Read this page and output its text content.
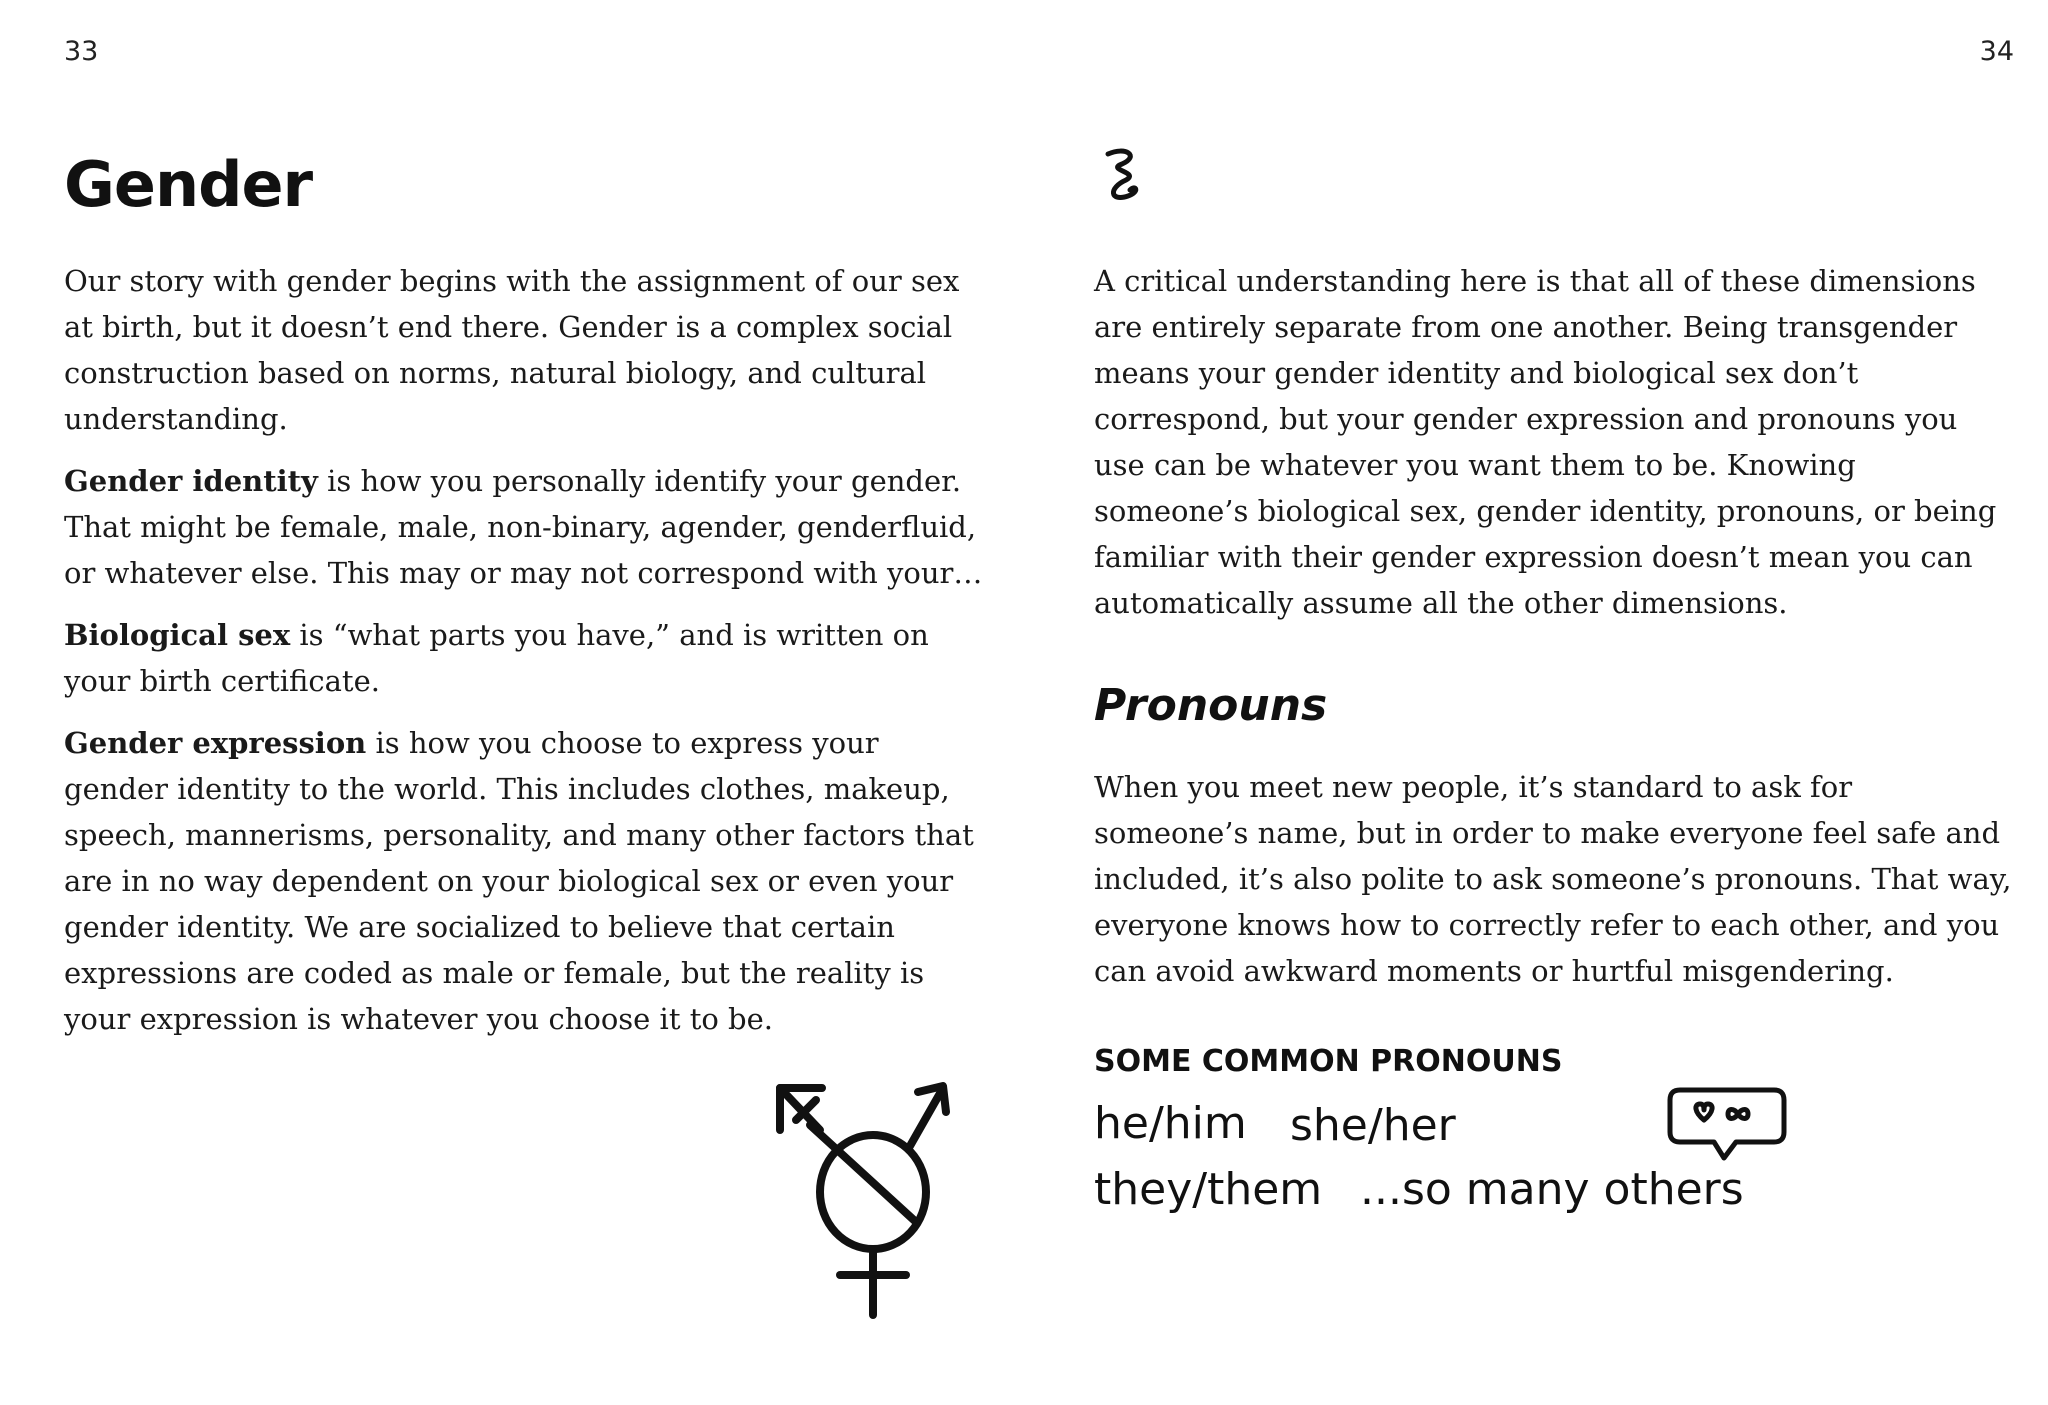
33	34
Gender

Our story with gender begins with the assignment of our sex at birth, but it doesn’t end there. Gender is a complex social construction based on norms, natural biology, and cultural understanding.

Gender identity is how you personally identify your gender. That might be female, male, non-binary, agender, genderfluid, or whatever else. This may or may not correspond with your…

Biological sex is “what parts you have,” and is written on your birth certificate.

Gender expression is how you choose to express your gender identity to the world. This includes clothes, makeup, speech, mannerisms, personality, and many other factors that are in no way dependent on your biological sex or even your gender identity. We are socialized to believe that certain expressions are coded as male or female, but the reality is your expression is whatever you choose it to be.

A critical understanding here is that all of these dimensions are entirely separate from one another. Being transgender means your gender identity and biological sex don’t correspond, but your gender expression and pronouns you use can be whatever you want them to be. Knowing someone’s biological sex, gender identity, pronouns, or being familiar with their gender expression doesn’t mean you can automatically assume all the other dimensions.

Pronouns

When you meet new people, it’s standard to ask for someone’s name, but in order to make everyone feel safe and included, it’s also polite to ask someone’s pronouns. That way, everyone knows how to correctly refer to each other, and you can avoid awkward moments or hurtful misgendering.

SOME COMMON PRONOUNS
he/him she/her
they/them ...so many others
